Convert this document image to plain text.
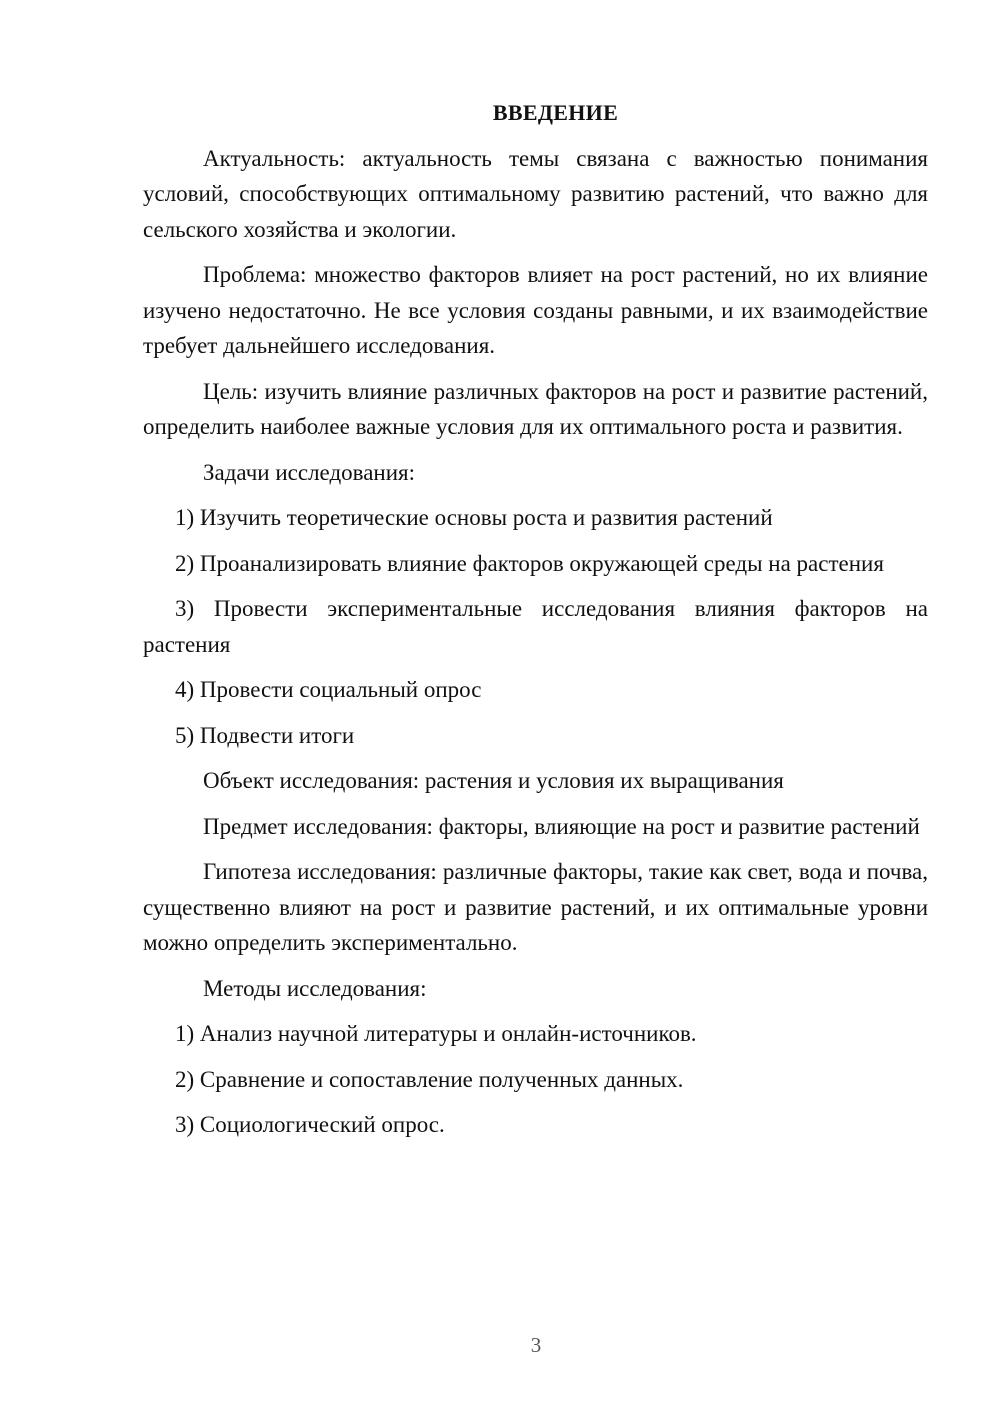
ВВЕДЕНИЕ

Актуальность: актуальность темы связана с важностью понимания условий, способствующих оптимальному развитию растений, что важно для сельского хозяйства и экологии.

Проблема: множество факторов влияет на рост растений, но их влияние изучено недостаточно. Не все условия созданы равными, и их взаимодействие требует дальнейшего исследования.

Цель: изучить влияние различных факторов на рост и развитие растений, определить наиболее важные условия для их оптимального роста и развития.

Задачи исследования:

1) Изучить теоретические основы роста и развития растений

2) Проанализировать влияние факторов окружающей среды на растения

3) Провести экспериментальные исследования влияния факторов на растения

4) Провести социальный опрос

5) Подвести итоги

Объект исследования: растения и условия их выращивания

Предмет исследования: факторы, влияющие на рост и развитие растений

Гипотеза исследования: различные факторы, такие как свет, вода и почва, существенно влияют на рост и развитие растений, и их оптимальные уровни можно определить экспериментально.

Методы исследования:

1) Анализ научной литературы и онлайн-источников.

2) Сравнение и сопоставление полученных данных.

3) Социологический опрос.

3
